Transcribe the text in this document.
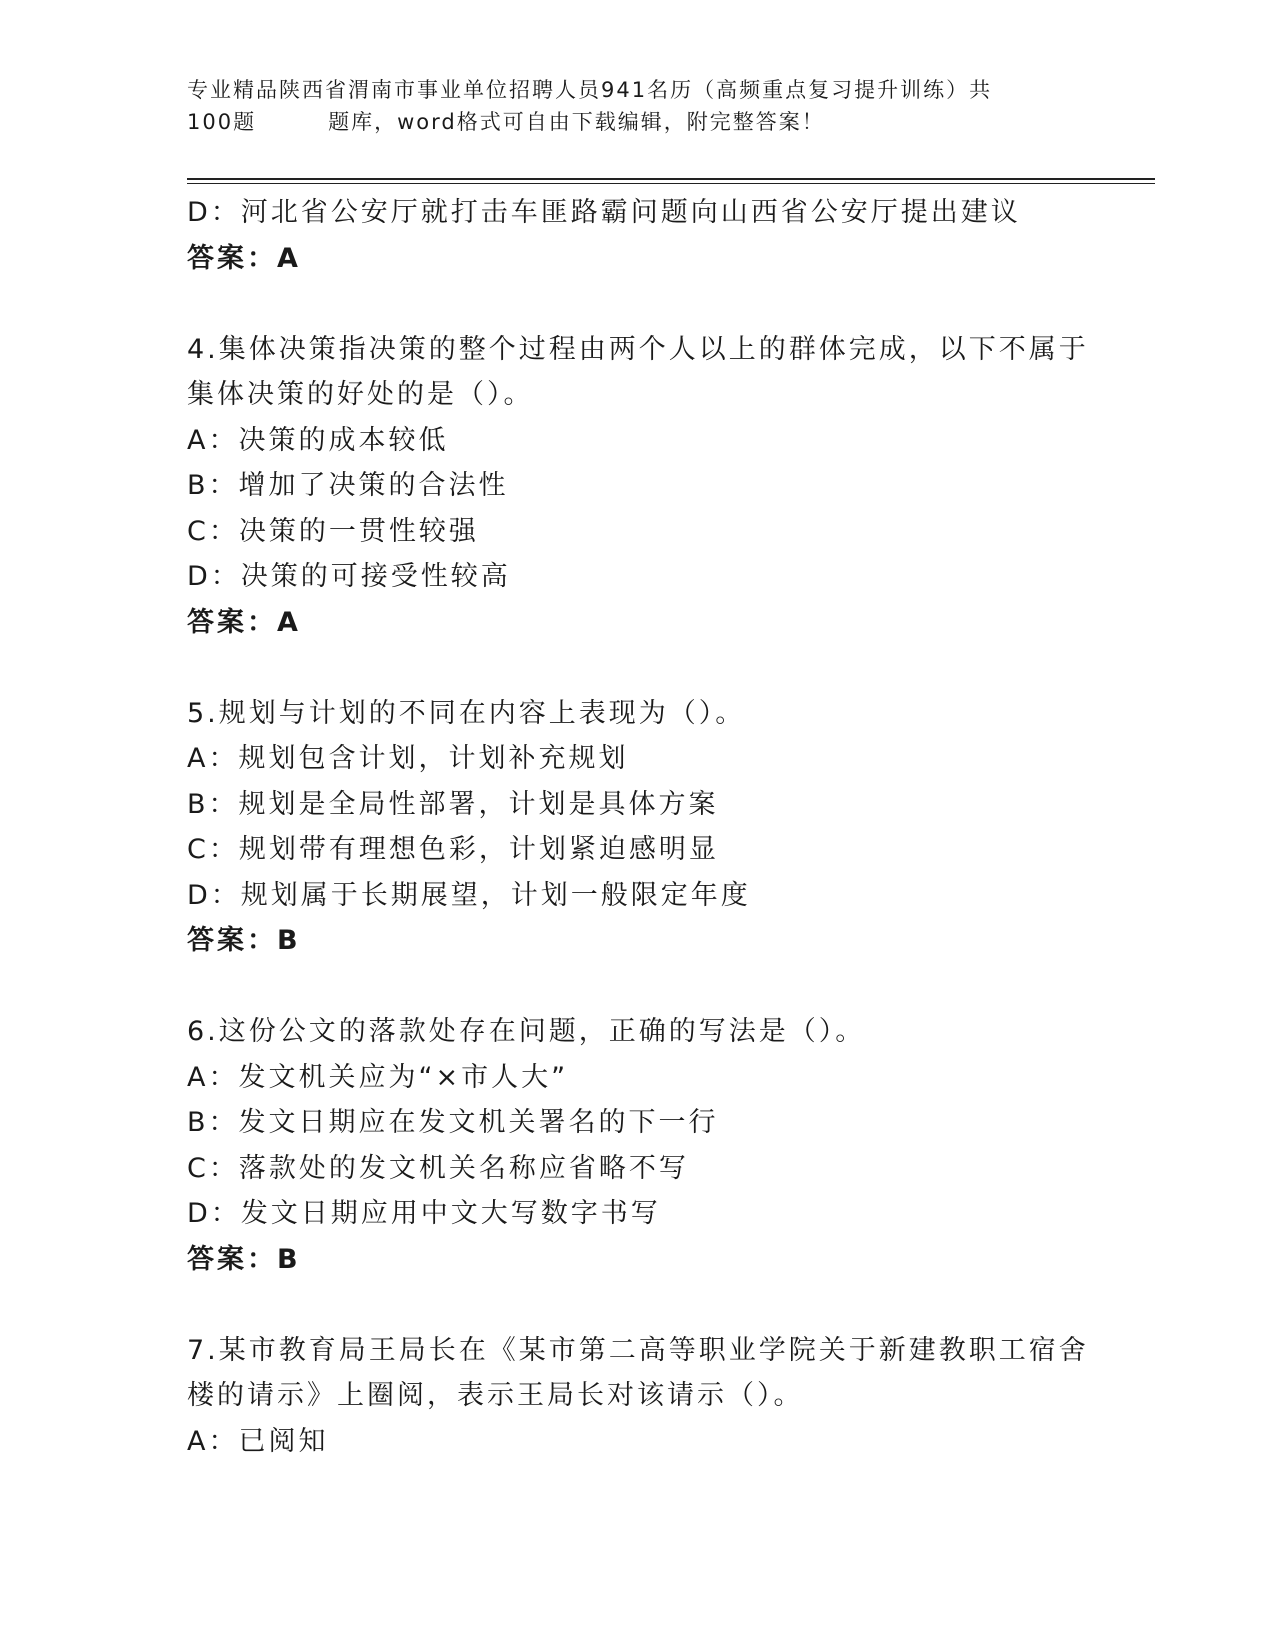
专业精品陕西省渭南市事业单位招聘人员941名历（高频重点复习提升训练）共
100题	题库，word格式可自由下载编辑，附完整答案！
D：河北省公安厅就打击车匪路霸问题向山西省公安厅提出建议
答案：A
4.集体决策指决策的整个过程由两个人以上的群体完成，以下不属于
集体决策的好处的是（）。
A：决策的成本较低
B：增加了决策的合法性
C：决策的一贯性较强
D：决策的可接受性较高
答案：A
5.规划与计划的不同在内容上表现为（）。
A：规划包含计划，计划补充规划
B：规划是全局性部署，计划是具体方案
C：规划带有理想色彩，计划紧迫感明显
D：规划属于长期展望，计划一般限定年度
答案：B
6.这份公文的落款处存在问题，正确的写法是（）。
A：发文机关应为“×市人大”
B：发文日期应在发文机关署名的下一行
C：落款处的发文机关名称应省略不写
D：发文日期应用中文大写数字书写
答案：B
7.某市教育局王局长在《某市第二高等职业学院关于新建教职工宿舍
楼的请示》上圈阅，表示王局长对该请示（）。
A：已阅知
